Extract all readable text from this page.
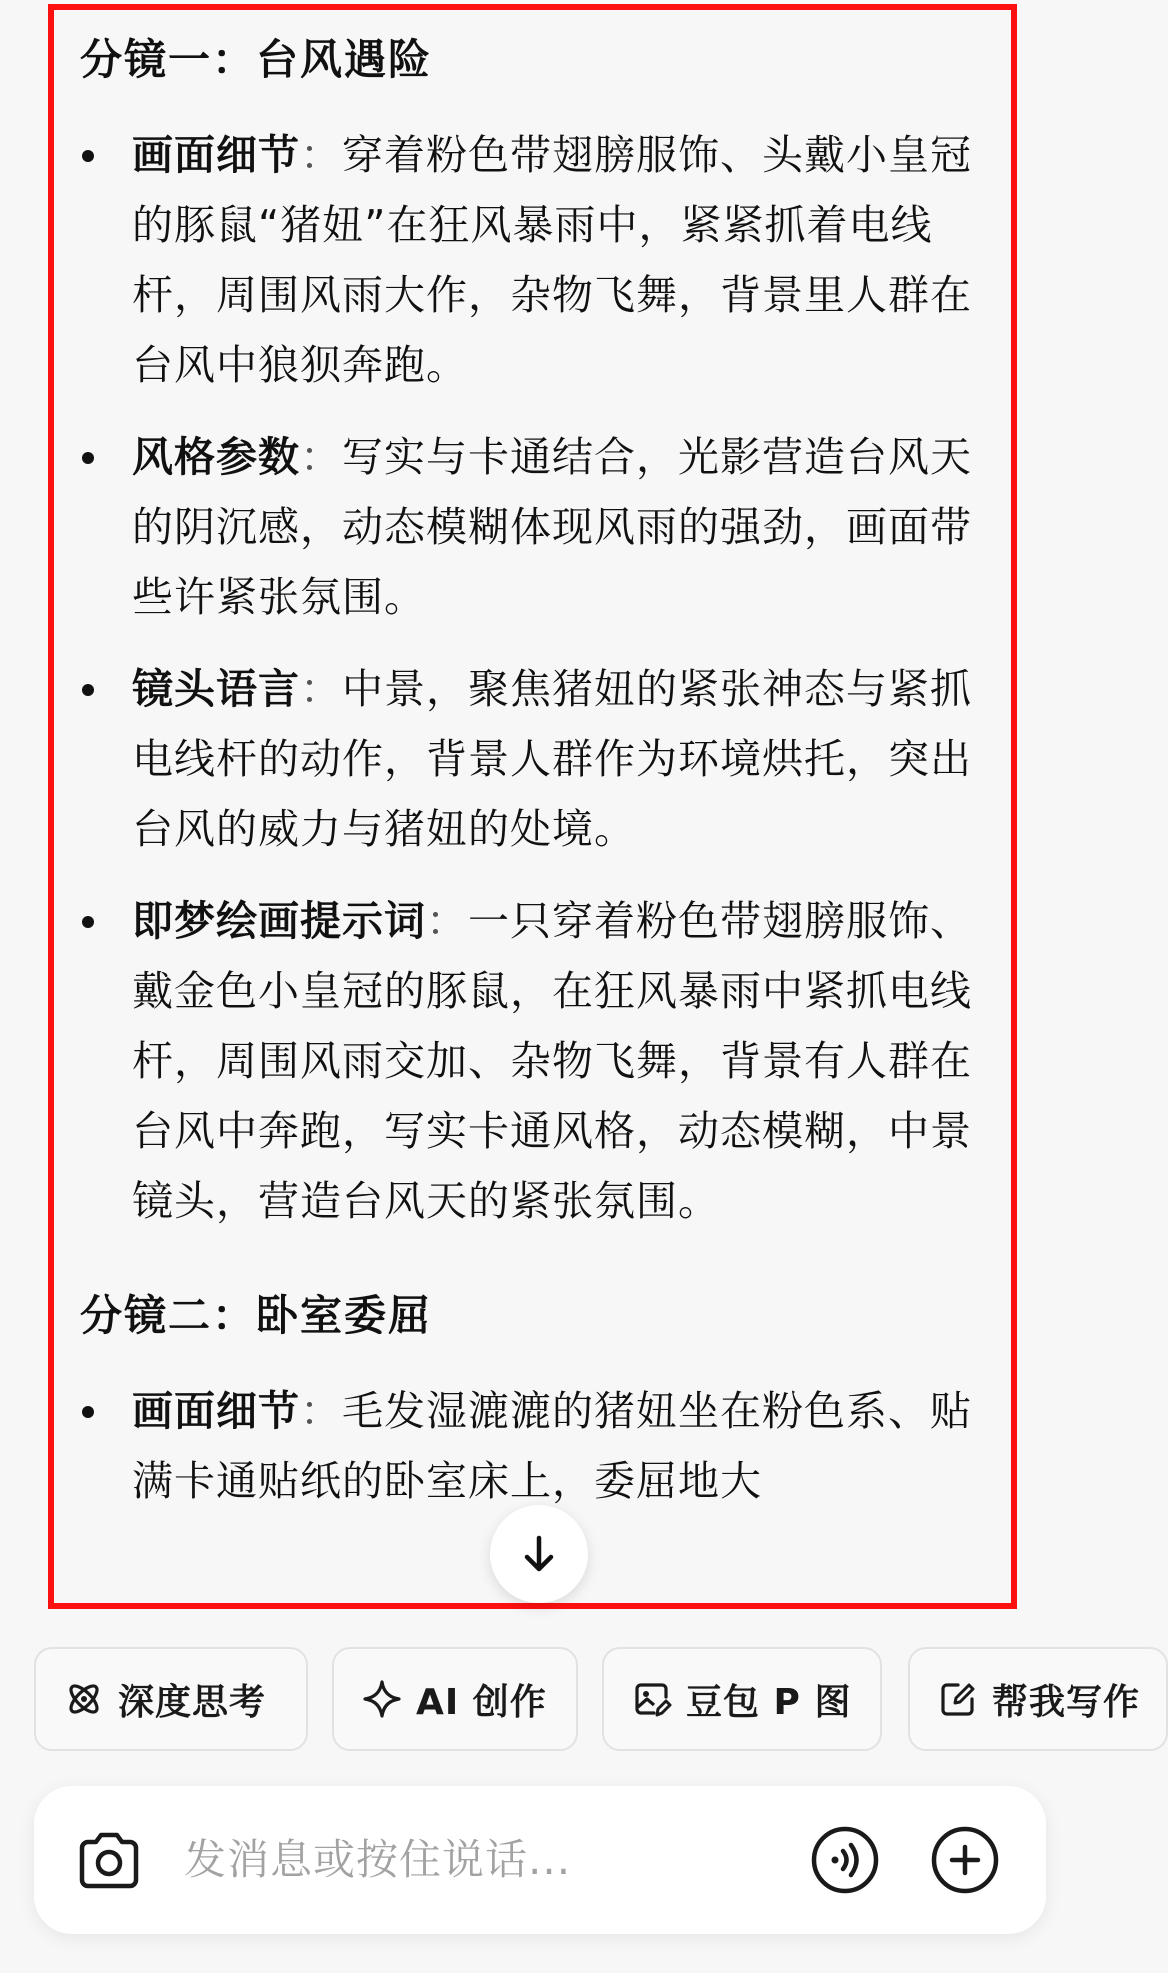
分镜一：台风遇险
画面细节：穿着粉色带翅膀服饰、头戴小皇冠的豚鼠“猪妞”在狂风暴雨中，紧紧抓着电线杆，周围风雨大作，杂物飞舞，背景里人群在台风中狼狈奔跑。
风格参数：写实与卡通结合，光影营造台风天的阴沉感，动态模糊体现风雨的强劲，画面带些许紧张氛围。
镜头语言：中景，聚焦猪妞的紧张神态与紧抓电线杆的动作，背景人群作为环境烘托，突出台风的威力与猪妞的处境。
即梦绘画提示词：一只穿着粉色带翅膀服饰、戴金色小皇冠的豚鼠，在狂风暴雨中紧抓电线杆，周围风雨交加、杂物飞舞，背景有人群在台风中奔跑，写实卡通风格，动态模糊，中景镜头，营造台风天的紧张氛围。
分镜二：卧室委屈
画面细节：毛发湿漉漉的猪妞坐在粉色系、贴满卡通贴纸的卧室床上，委屈地大
深度思考	AI 创作	豆包 P 图	帮我写作
发消息或按住说话...
